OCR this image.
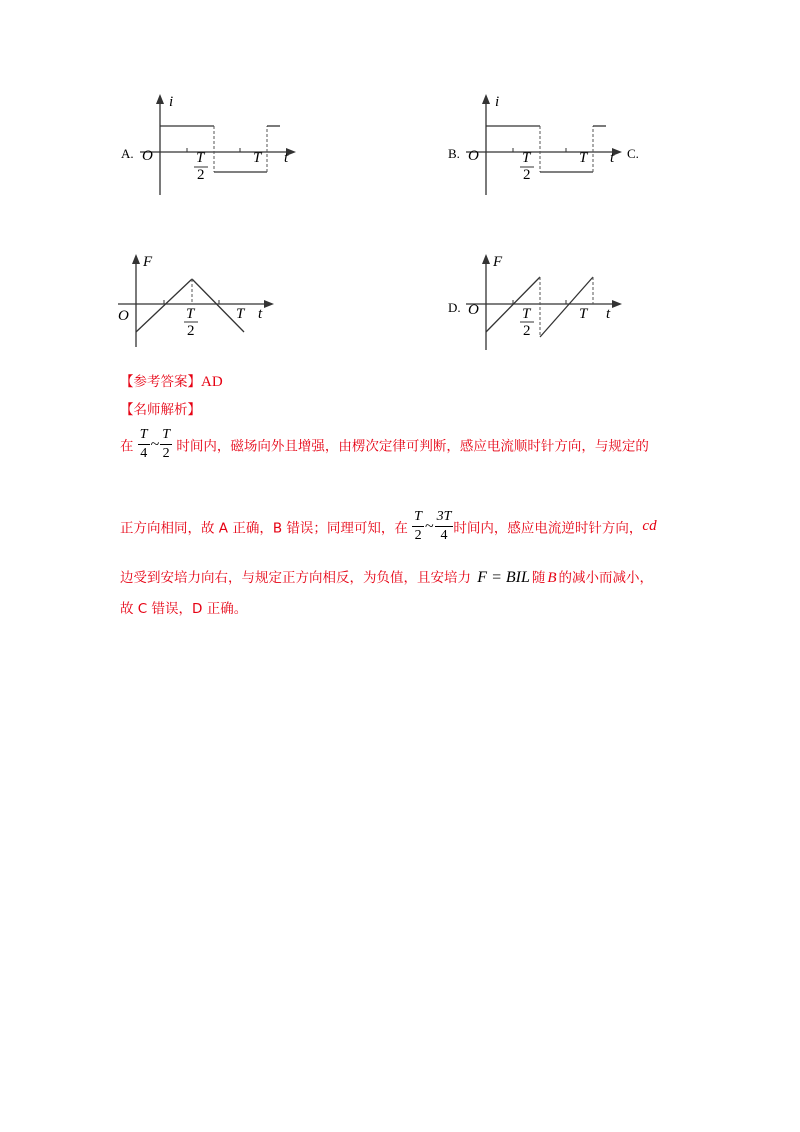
i
O	t
T
2
T
A.
i
O	t
T
2
T
B.	C.
F
O	t
T
2
T
F
O	t
T
2
T
D.
【参考答案】AD
【名师解析】
在 $\frac{T}{4}$ ~ $\frac{T}{2}$ 时间内，磁场向外且增强，由楞次定律可判断，感应电流顺时针方向，与规定的
正方向相同，故 A 正确，B 错误；同理可知，在 $\frac{T}{2}$ ~ $\frac{3T}{4}$ 时间内，感应电流逆时针方向，cd
边受到安培力向右，与规定正方向相反，为负值，且安培力 F = BIL 随 B 的减小而减小，
故 C 错误，D 正确。
